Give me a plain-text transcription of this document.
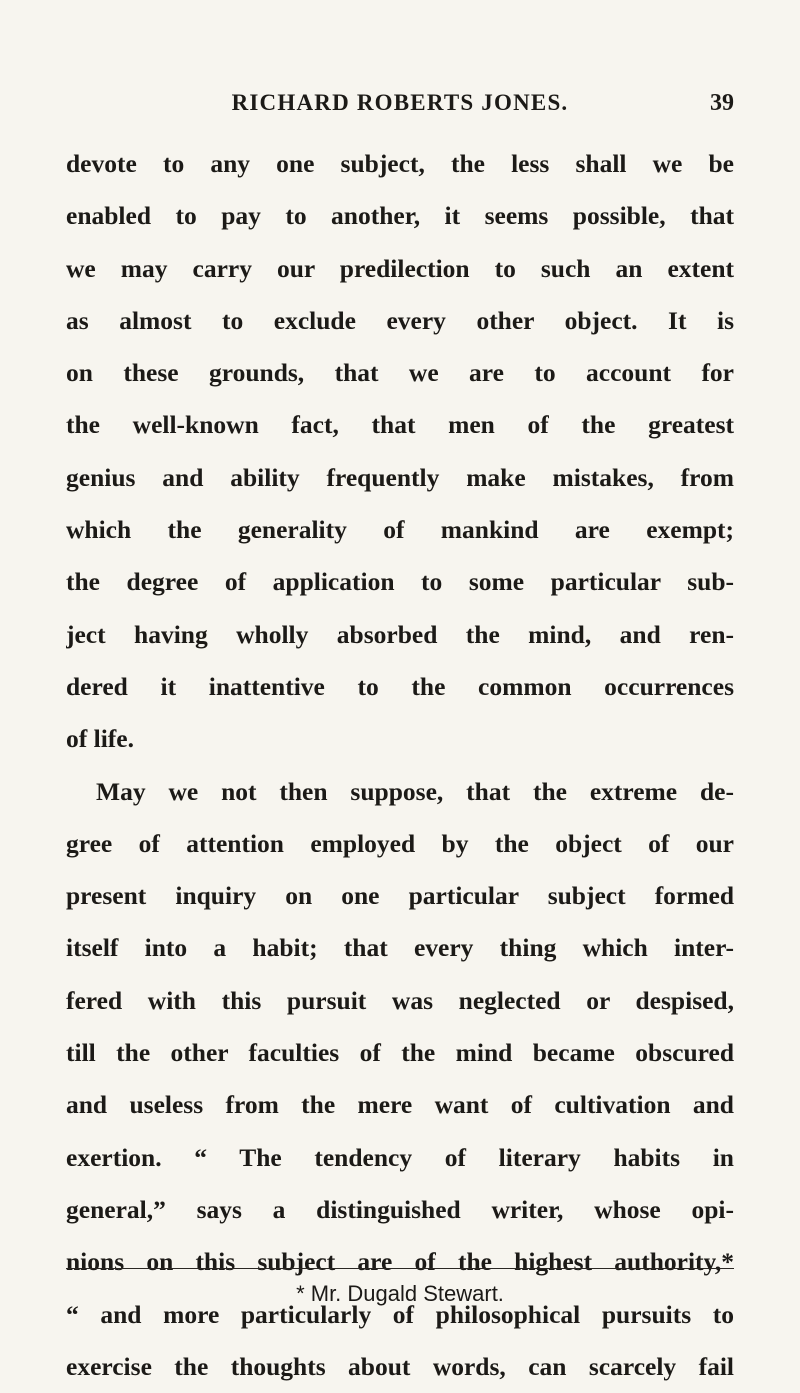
RICHARD ROBERTS JONES.	39
devote to any one subject, the less shall we be
enabled to pay to another, it seems possible, that
we may carry our predilection to such an extent
as almost to exclude every other object. It is
on these grounds, that we are to account for
the well-known fact, that men of the greatest
genius and ability frequently make mistakes, from
which the generality of mankind are exempt;
the degree of application to some particular sub-
ject having wholly absorbed the mind, and ren-
dered it inattentive to the common occurrences
of life.
May we not then suppose, that the extreme de-
gree of attention employed by the object of our
present inquiry on one particular subject formed
itself into a habit; that every thing which inter-
fered with this pursuit was neglected or despised,
till the other faculties of the mind became obscured
and useless from the mere want of cultivation and
exertion. “ The tendency of literary habits in
general,” says a distinguished writer, whose opi-
nions on this subject are of the highest authority,*
“ and more particularly of philosophical pursuits to
exercise the thoughts about words, can scarcely fail
* Mr. Dugald Stewart.
